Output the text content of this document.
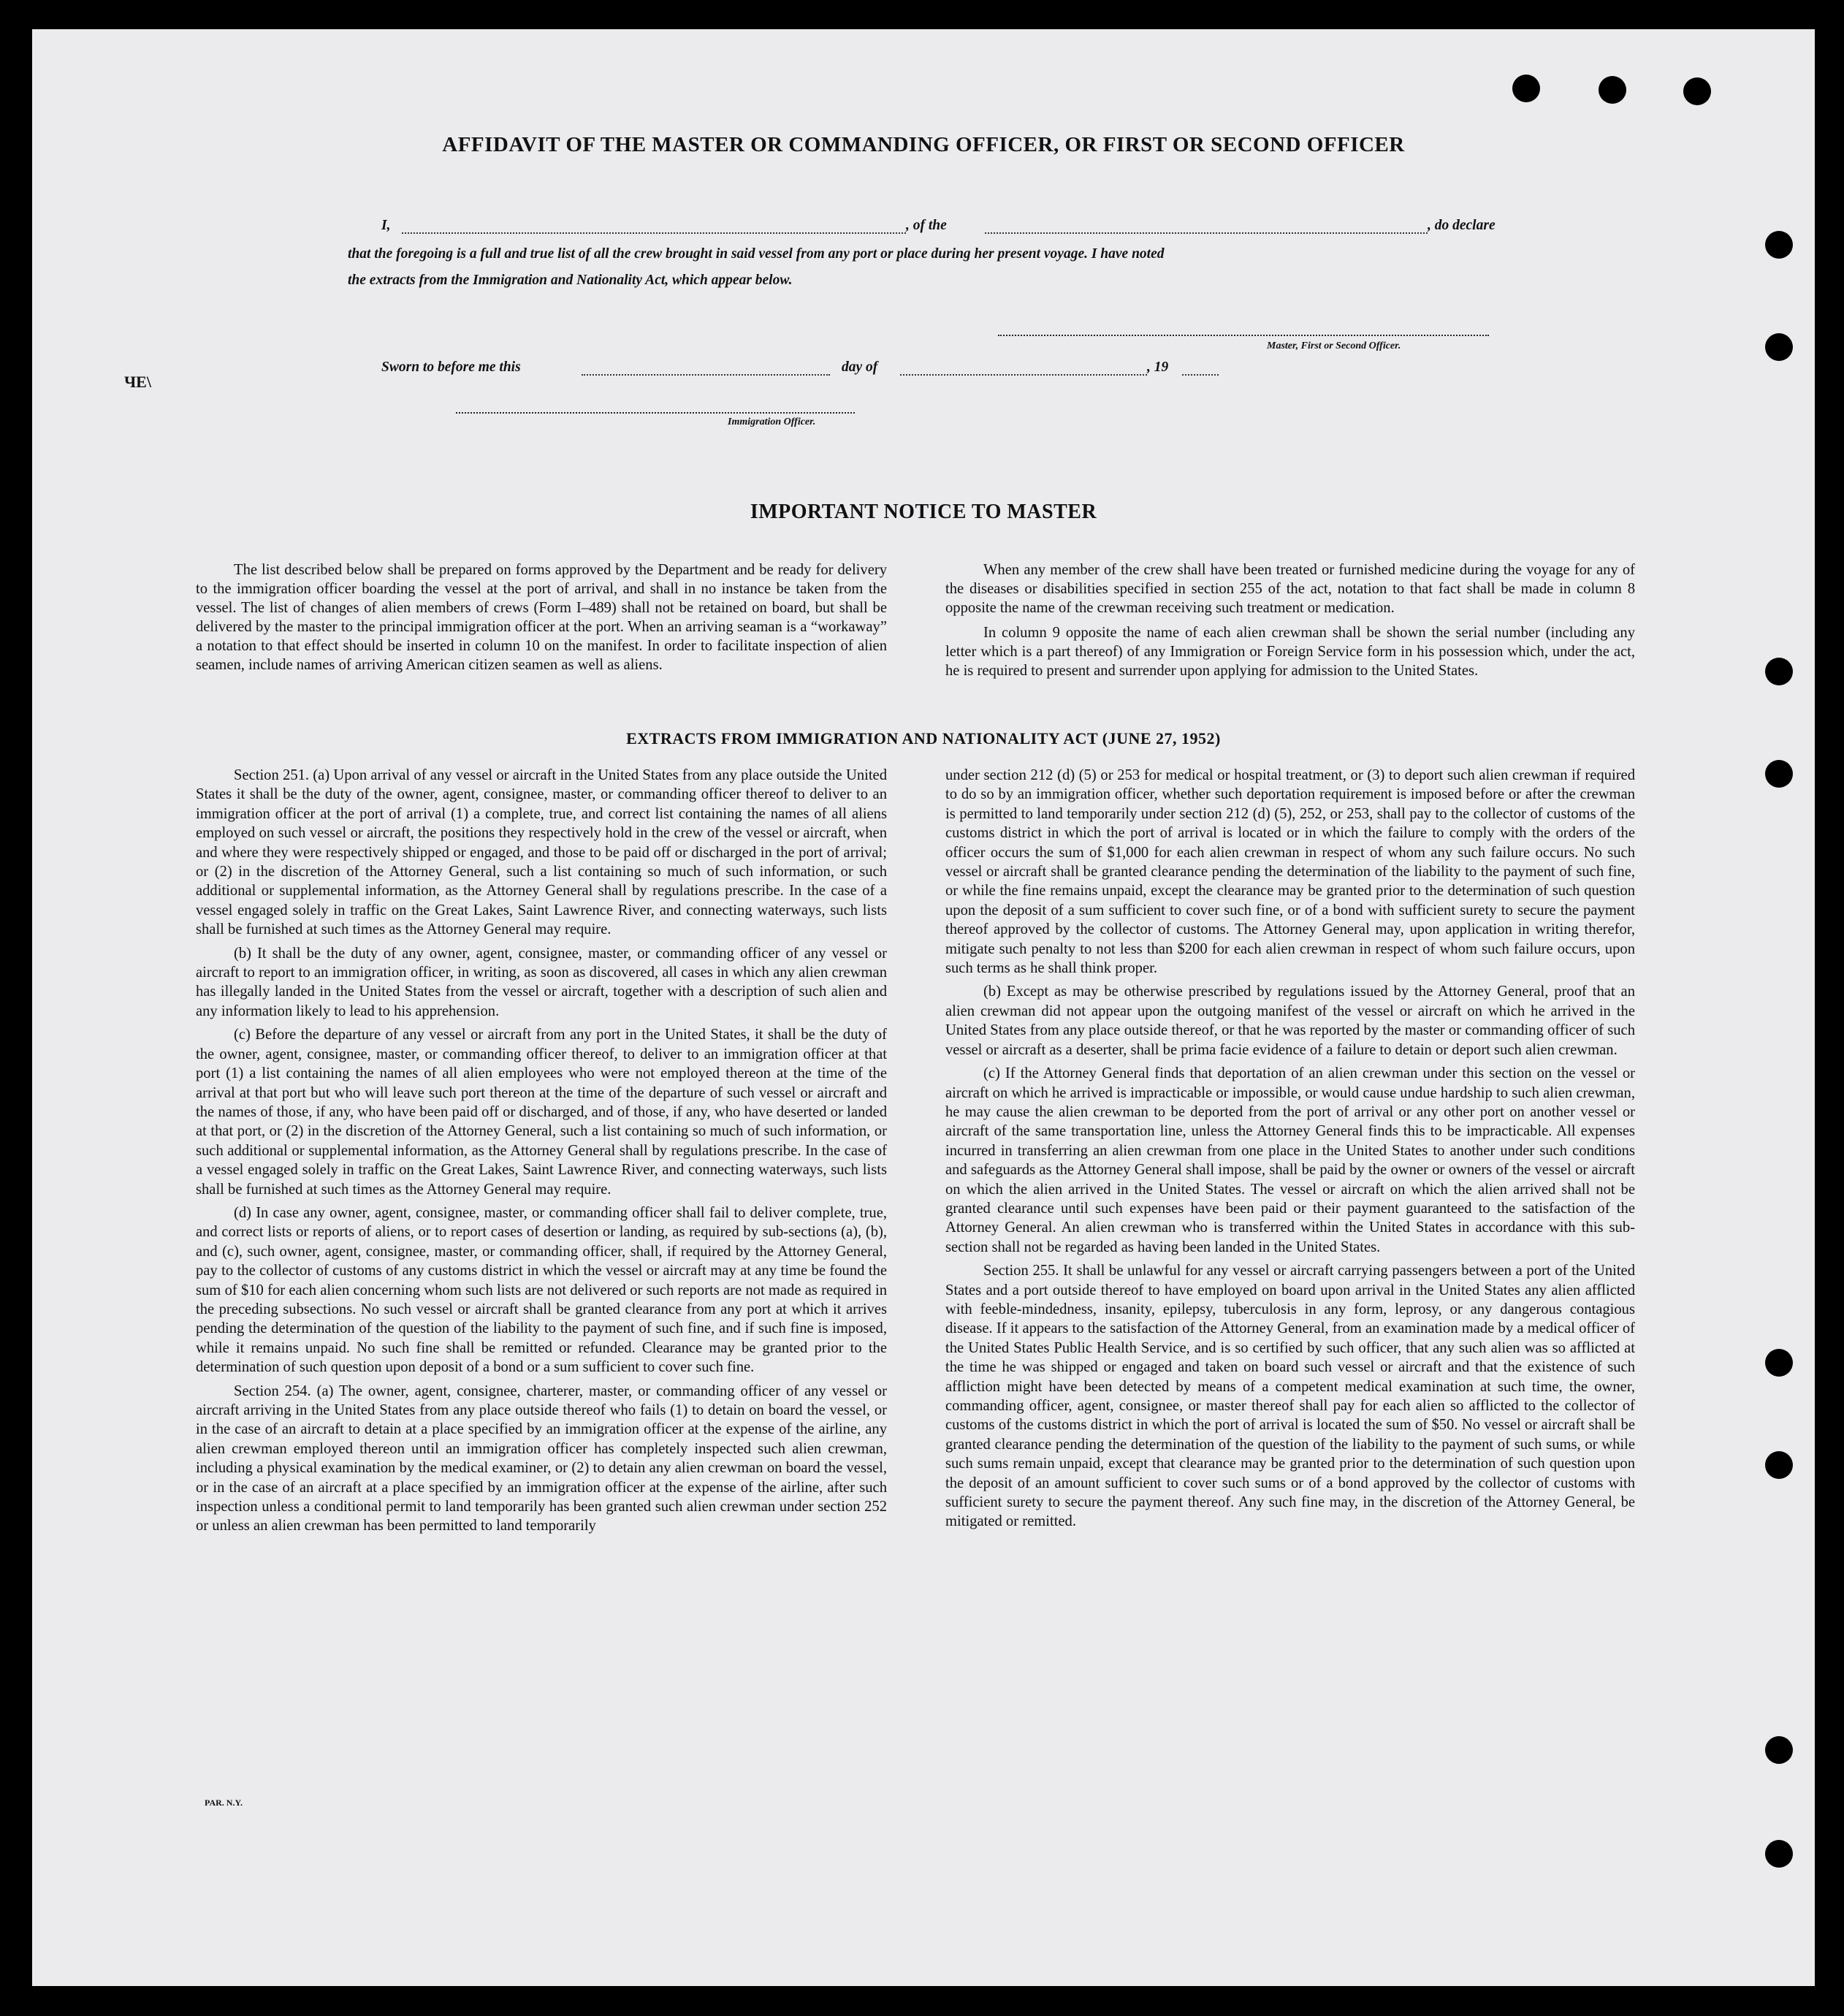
ЧЕ\
AFFIDAVIT OF THE MASTER OR COMMANDING OFFICER, OR FIRST OR SECOND OFFICER
I,	, of the	, do declare
that the foregoing is a full and true list of all the crew brought in said vessel from any port or place during her present voyage. I have noted
the extracts from the Immigration and Nationality Act, which appear below.
Master, First or Second Officer.
Sworn to before me this	day of	, 19
Immigration Officer.
IMPORTANT NOTICE TO MASTER

The list described below shall be prepared on forms approved by the Department and be ready for delivery to the immigration officer boarding the vessel at the port of arrival, and shall in no instance be taken from the vessel. The list of changes of alien members of crews (Form I–489) shall not be retained on board, but shall be delivered by the master to the principal immigration officer at the port. When an arriving seaman is a “workaway” a notation to that effect should be inserted in column 10 on the manifest. In order to facilitate inspection of alien seamen, include names of arriving American citizen seamen as well as aliens.

When any member of the crew shall have been treated or furnished medicine during the voyage for any of the diseases or disabilities specified in section 255 of the act, notation to that fact shall be made in column 8 opposite the name of the crewman receiving such treatment or medication.

In column 9 opposite the name of each alien crewman shall be shown the serial number (including any letter which is a part thereof) of any Immigration or Foreign Service form in his possession which, under the act, he is required to present and surrender upon applying for admission to the United States.

EXTRACTS FROM IMMIGRATION AND NATIONALITY ACT (JUNE 27, 1952)

Section 251. (a) Upon arrival of any vessel or aircraft in the United States from any place outside the United States it shall be the duty of the owner, agent, consignee, master, or commanding officer thereof to deliver to an immigration officer at the port of arrival (1) a complete, true, and correct list containing the names of all aliens employed on such vessel or aircraft, the positions they respectively hold in the crew of the vessel or aircraft, when and where they were respectively shipped or engaged, and those to be paid off or discharged in the port of arrival; or (2) in the discretion of the Attorney General, such a list containing so much of such information, or such additional or supplemental information, as the Attorney General shall by regulations prescribe. In the case of a vessel engaged solely in traffic on the Great Lakes, Saint Lawrence River, and connecting waterways, such lists shall be furnished at such times as the Attorney General may require.

(b) It shall be the duty of any owner, agent, consignee, master, or commanding officer of any vessel or aircraft to report to an immigration officer, in writing, as soon as discovered, all cases in which any alien crewman has illegally landed in the United States from the vessel or aircraft, together with a description of such alien and any information likely to lead to his apprehension.

(c) Before the departure of any vessel or aircraft from any port in the United States, it shall be the duty of the owner, agent, consignee, master, or commanding officer thereof, to deliver to an immigration officer at that port (1) a list containing the names of all alien employees who were not employed thereon at the time of the arrival at that port but who will leave such port thereon at the time of the departure of such vessel or aircraft and the names of those, if any, who have been paid off or discharged, and of those, if any, who have deserted or landed at that port, or (2) in the discretion of the Attorney General, such a list containing so much of such information, or such additional or supplemental information, as the Attorney General shall by regulations prescribe. In the case of a vessel engaged solely in traffic on the Great Lakes, Saint Lawrence River, and connecting waterways, such lists shall be furnished at such times as the Attorney General may require.

(d) In case any owner, agent, consignee, master, or commanding officer shall fail to deliver complete, true, and correct lists or reports of aliens, or to report cases of desertion or landing, as required by sub-sections (a), (b), and (c), such owner, agent, consignee, master, or commanding officer, shall, if required by the Attorney General, pay to the collector of customs of any customs district in which the vessel or aircraft may at any time be found the sum of $10 for each alien concerning whom such lists are not delivered or such reports are not made as required in the preceding subsections. No such vessel or aircraft shall be granted clearance from any port at which it arrives pending the determination of the question of the liability to the payment of such fine, and if such fine is imposed, while it remains unpaid. No such fine shall be remitted or refunded. Clearance may be granted prior to the determination of such question upon deposit of a bond or a sum sufficient to cover such fine.

Section 254. (a) The owner, agent, consignee, charterer, master, or commanding officer of any vessel or aircraft arriving in the United States from any place outside thereof who fails (1) to detain on board the vessel, or in the case of an aircraft to detain at a place specified by an immigration officer at the expense of the airline, any alien crewman employed thereon until an immigration officer has completely inspected such alien crewman, including a physical examination by the medical examiner, or (2) to detain any alien crewman on board the vessel, or in the case of an aircraft at a place specified by an immigration officer at the expense of the airline, after such inspection unless a conditional permit to land temporarily has been granted such alien crewman under section 252 or unless an alien crewman has been permitted to land temporarily

under section 212 (d) (5) or 253 for medical or hospital treatment, or (3) to deport such alien crewman if required to do so by an immigration officer, whether such deportation requirement is imposed before or after the crewman is permitted to land temporarily under section 212 (d) (5), 252, or 253, shall pay to the collector of customs of the customs district in which the port of arrival is located or in which the failure to comply with the orders of the officer occurs the sum of $1,000 for each alien crewman in respect of whom any such failure occurs. No such vessel or aircraft shall be granted clearance pending the determination of the liability to the payment of such fine, or while the fine remains unpaid, except the clearance may be granted prior to the determination of such question upon the deposit of a sum sufficient to cover such fine, or of a bond with sufficient surety to secure the payment thereof approved by the collector of customs. The Attorney General may, upon application in writing therefor, mitigate such penalty to not less than $200 for each alien crewman in respect of whom such failure occurs, upon such terms as he shall think proper.

(b) Except as may be otherwise prescribed by regulations issued by the Attorney General, proof that an alien crewman did not appear upon the outgoing manifest of the vessel or aircraft on which he arrived in the United States from any place outside thereof, or that he was reported by the master or commanding officer of such vessel or aircraft as a deserter, shall be prima facie evidence of a failure to detain or deport such alien crewman.

(c) If the Attorney General finds that deportation of an alien crewman under this section on the vessel or aircraft on which he arrived is impracticable or impossible, or would cause undue hardship to such alien crewman, he may cause the alien crewman to be deported from the port of arrival or any other port on another vessel or aircraft of the same transportation line, unless the Attorney General finds this to be impracticable. All expenses incurred in transferring an alien crewman from one place in the United States to another under such conditions and safeguards as the Attorney General shall impose, shall be paid by the owner or owners of the vessel or aircraft on which the alien arrived in the United States. The vessel or aircraft on which the alien arrived shall not be granted clearance until such expenses have been paid or their payment guaranteed to the satisfaction of the Attorney General. An alien crewman who is transferred within the United States in accordance with this sub-section shall not be regarded as having been landed in the United States.

Section 255. It shall be unlawful for any vessel or aircraft carrying passengers between a port of the United States and a port outside thereof to have employed on board upon arrival in the United States any alien afflicted with feeble-mindedness, insanity, epilepsy, tuberculosis in any form, leprosy, or any dangerous contagious disease. If it appears to the satisfaction of the Attorney General, from an examination made by a medical officer of the United States Public Health Service, and is so certified by such officer, that any such alien was so afflicted at the time he was shipped or engaged and taken on board such vessel or aircraft and that the existence of such affliction might have been detected by means of a competent medical examination at such time, the owner, commanding officer, agent, consignee, or master thereof shall pay for each alien so afflicted to the collector of customs of the customs district in which the port of arrival is located the sum of $50. No vessel or aircraft shall be granted clearance pending the determination of the question of the liability to the payment of such sums, or while such sums remain unpaid, except that clearance may be granted prior to the determination of such question upon the deposit of an amount sufficient to cover such sums or of a bond approved by the collector of customs with sufficient surety to secure the payment thereof. Any such fine may, in the discretion of the Attorney General, be mitigated or remitted.

PAR. N.Y.
